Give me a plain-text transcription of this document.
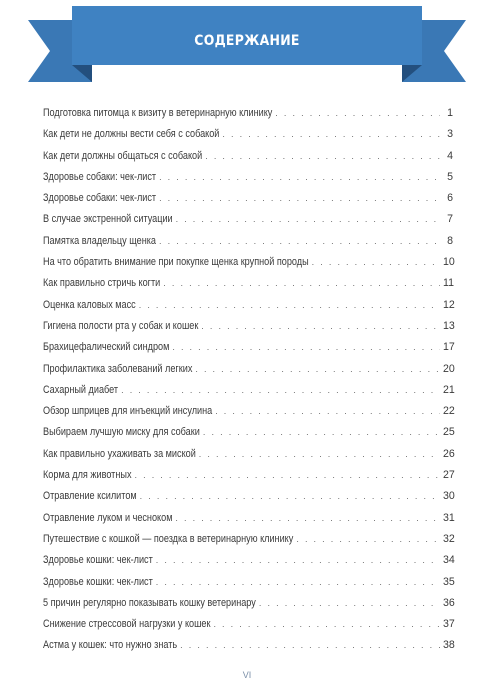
СОДЕРЖАНИЕ
Подготовка питомца к визиту в ветеринарную клинику . . .	1
Как дети не должны вести себя с собакой . . .	3
Как дети должны общаться с собакой . . .	4
Здоровье собаки: чек-лист . . .	5
Здоровье собаки: чек-лист . . .	6
В случае экстренной ситуации . . .	7
Памятка владельцу щенка . . .	8
На что обратить внимание при покупке щенка крупной породы . . .	10
Как правильно стричь когти . . .	11
Оценка каловых масс . . .	12
Гигиена полости рта у собак и кошек . . .	13
Брахицефалический синдром . . .	17
Профилактика заболеваний легких . . .	20
Сахарный диабет . . .	21
Обзор шприцев для инъекций инсулина . . .	22
Выбираем лучшую миску для собаки . . .	25
Как правильно ухаживать за миской . . .	26
Корма для животных . . .	27
Отравление ксилитом . . .	30
Отравление луком и чесноком . . .	31
Путешествие с кошкой — поездка в ветеринарную клинику . . .	32
Здоровье кошки: чек-лист . . .	34
Здоровье кошки: чек-лист . . .	35
5 причин регулярно показывать кошку ветеринару . . .	36
Снижение стрессовой нагрузки у кошек . . .	37
Астма у кошек: что нужно знать . . .	38
VI
